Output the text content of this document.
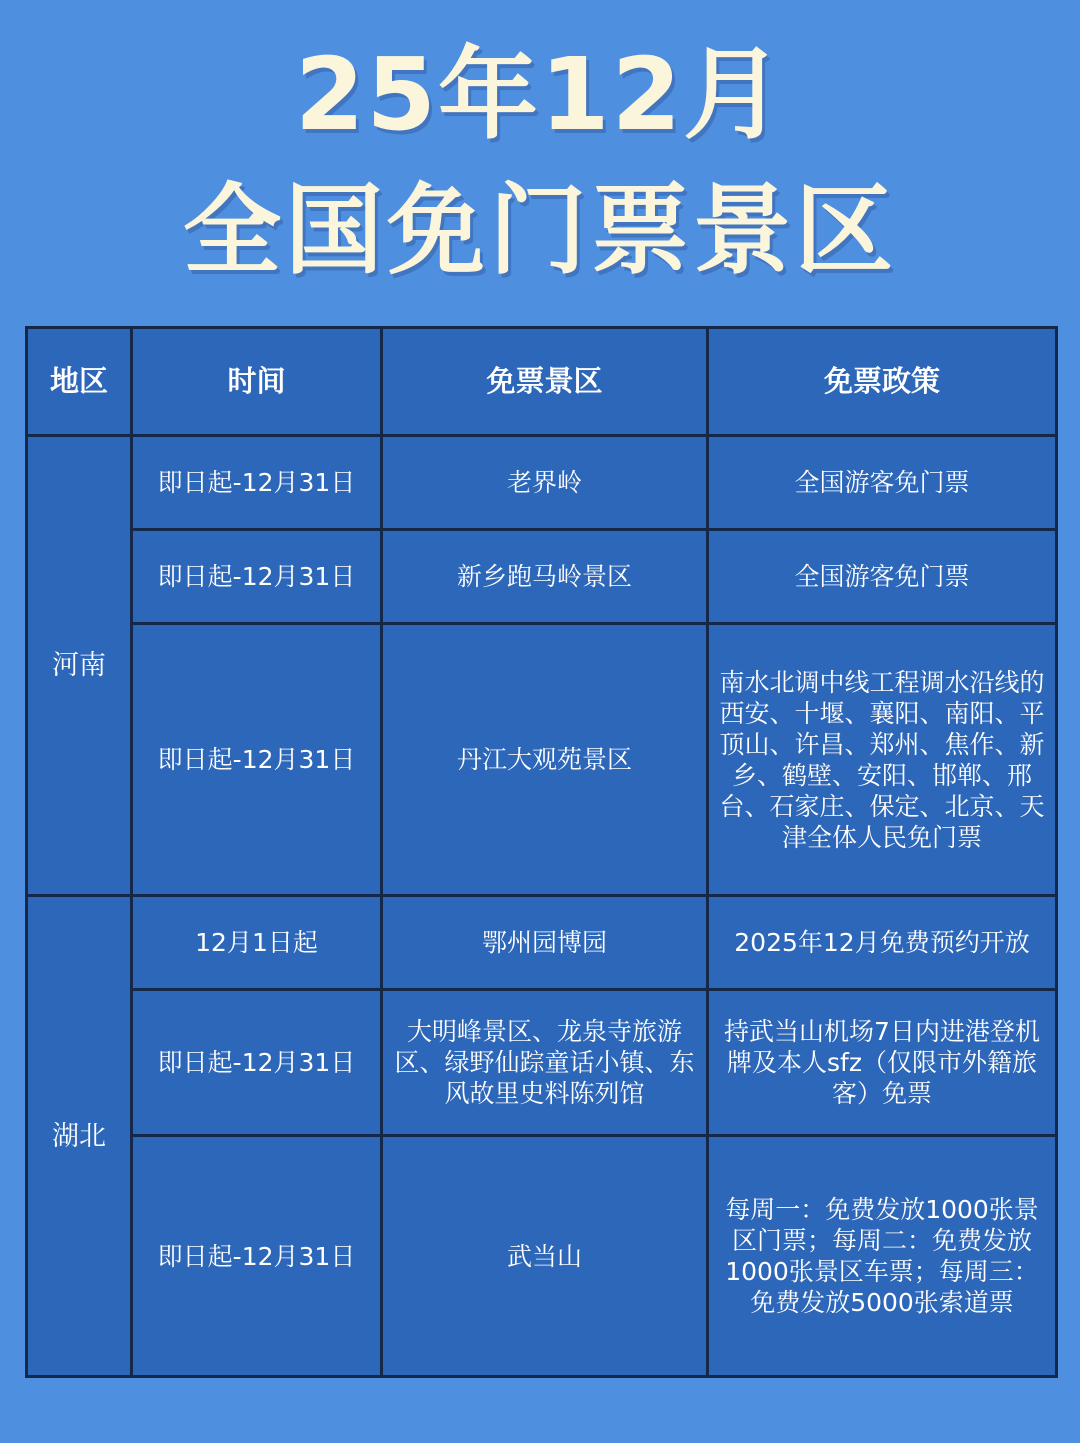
25年12月
全国免门票景区
地区	时间	免票景区	免票政策
河南	即日起-12月31日	老界岭	全国游客免门票
	即日起-12月31日	新乡跑马岭景区	全国游客免门票
	即日起-12月31日	丹江大观苑景区	南水北调中线工程调水沿线的西安、十堰、襄阳、南阳、平顶山、许昌、郑州、焦作、新乡、鹤壁、安阳、邯郸、邢台、石家庄、保定、北京、天津全体人民免门票
湖北	12月1日起	鄂州园博园	2025年12月免费预约开放
	即日起-12月31日	大明峰景区、龙泉寺旅游区、绿野仙踪童话小镇、东风故里史料陈列馆	持武当山机场7日内进港登机牌及本人sfz（仅限市外籍旅客）免票
	即日起-12月31日	武当山	每周一：免费发放1000张景区门票；每周二：免费发放1000张景区车票；每周三：免费发放5000张索道票
